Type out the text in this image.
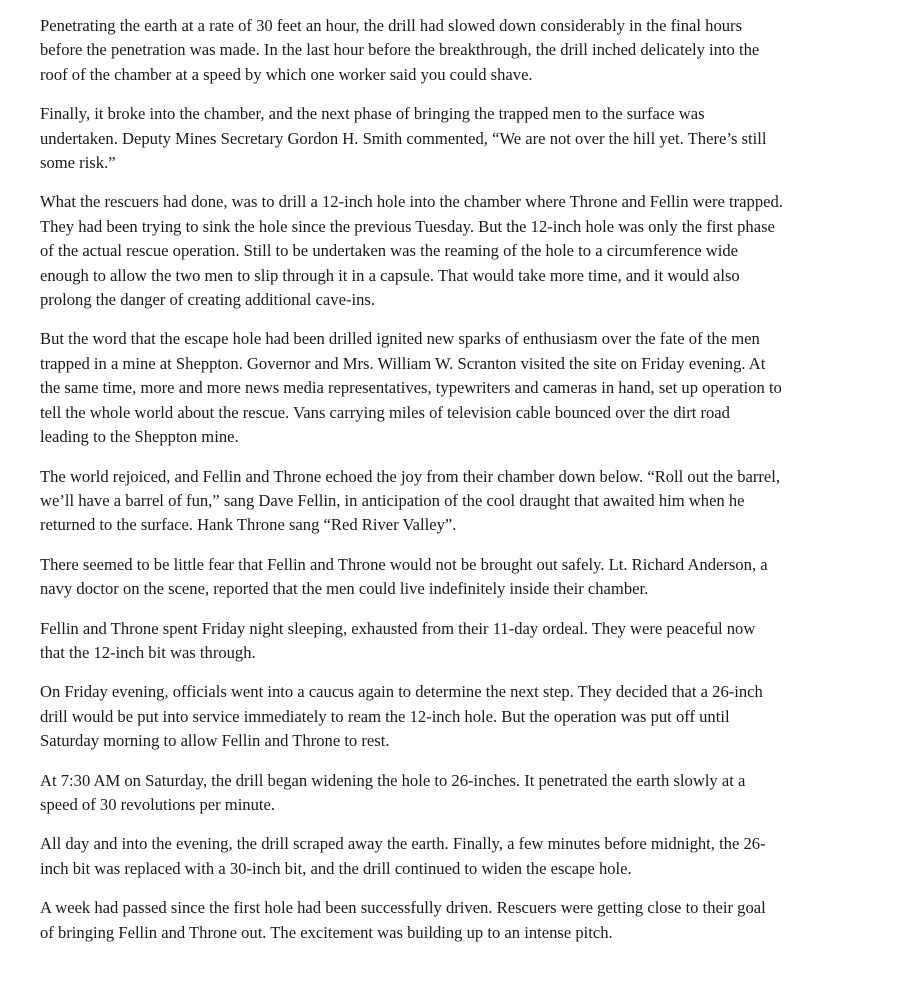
Penetrating the earth at a rate of 30 feet an hour, the drill had slowed down considerably in the final hours
before the penetration was made. In the last hour before the breakthrough, the drill inched delicately into the
roof of the chamber at a speed by which one worker said you could shave.

Finally, it broke into the chamber, and the next phase of bringing the trapped men to the surface was
undertaken. Deputy Mines Secretary Gordon H. Smith commented, “We are not over the hill yet. There’s still
some risk.”

What the rescuers had done, was to drill a 12-inch hole into the chamber where Throne and Fellin were trapped.
They had been trying to sink the hole since the previous Tuesday. But the 12-inch hole was only the first phase
of the actual rescue operation. Still to be undertaken was the reaming of the hole to a circumference wide
enough to allow the two men to slip through it in a capsule. That would take more time, and it would also
prolong the danger of creating additional cave-ins.

But the word that the escape hole had been drilled ignited new sparks of enthusiasm over the fate of the men
trapped in a mine at Sheppton. Governor and Mrs. William W. Scranton visited the site on Friday evening. At
the same time, more and more news media representatives, typewriters and cameras in hand, set up operation to
tell the whole world about the rescue. Vans carrying miles of television cable bounced over the dirt road
leading to the Sheppton mine.

The world rejoiced, and Fellin and Throne echoed the joy from their chamber down below. “Roll out the barrel,
we’ll have a barrel of fun,” sang Dave Fellin, in anticipation of the cool draught that awaited him when he
returned to the surface. Hank Throne sang “Red River Valley”.

There seemed to be little fear that Fellin and Throne would not be brought out safely. Lt. Richard Anderson, a
navy doctor on the scene, reported that the men could live indefinitely inside their chamber.

Fellin and Throne spent Friday night sleeping, exhausted from their 11-day ordeal. They were peaceful now
that the 12-inch bit was through.

On Friday evening, officials went into a caucus again to determine the next step. They decided that a 26-inch
drill would be put into service immediately to ream the 12-inch hole. But the operation was put off until
Saturday morning to allow Fellin and Throne to rest.

At 7:30 AM on Saturday, the drill began widening the hole to 26-inches. It penetrated the earth slowly at a
speed of 30 revolutions per minute.

All day and into the evening, the drill scraped away the earth. Finally, a few minutes before midnight, the 26-
inch bit was replaced with a 30-inch bit, and the drill continued to widen the escape hole.

A week had passed since the first hole had been successfully driven. Rescuers were getting close to their goal
of bringing Fellin and Throne out. The excitement was building up to an intense pitch.
